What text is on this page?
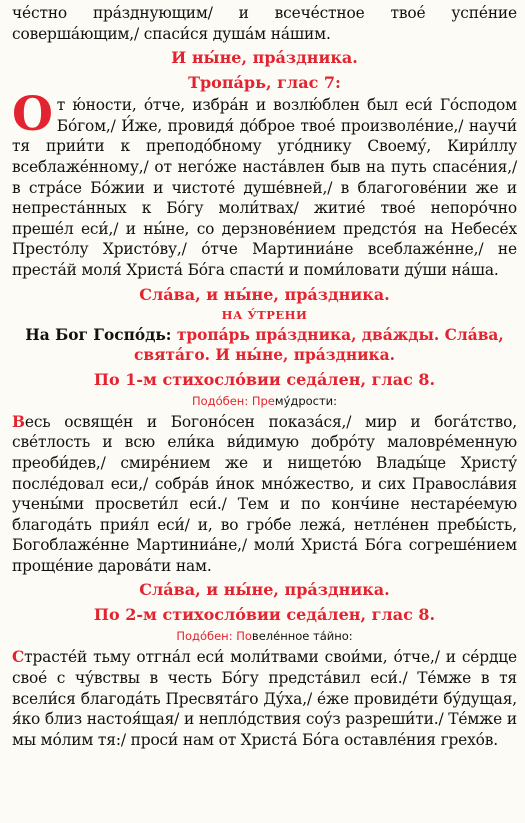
че́стно пра́зднующим/ и всече́стное твое́ успе́ние соверша́ющим,/ спаси́ся душа́м на́шим.

И ны́не, пра́здника.
Тропа́рь, глас 7:

От ю́ности, о́тче, избра́н и возлю́блен был еси́ Го́сподом Бо́гом,/ И́же, провидя́ до́брое твое́ произволе́ние,/ научи́ тя прии́ти к преподо́бному уго́днику Своему́, Кири́ллу всеблаже́нному,/ от него́же наста́влен быв на путь спасе́ния,/ в стра́се Бо́жии и чистоте́ душе́вней,/ в благогове́нии же и непреста́нных к Бо́гу моли́твах/ житие́ твое́ непоро́чно преше́л еси́,/ и ны́не, со дерзнове́нием предсто́я на Небесе́х Престо́лу Христо́ву,/ о́тче Мартиниа́не всеблаже́нне,/ не преста́й моля́ Христа́ Бо́га спасти́ и поми́ловати ду́ши на́ша.

Сла́ва, и ны́не, пра́здника.
НА У́ТРЕНИ
На Бог Госпо́дь: тропа́рь пра́здника, два́жды. Сла́ва, свята́го. И ны́не, пра́здника.
По 1-м стихосло́вии седа́лен, глас 8.
Подо́бен: Прему́дрости:

Весь освяще́н и Богоно́сен показа́ся,/ мир и бога́тство, све́тлость и всю ели́ка ви́димую добро́ту маловре́менную преоби́дев,/ смире́нием же и нището́ю Влады́це Христу́ после́довал еси,/ собра́в и́нок мно́жество, и сих Правосла́вия учены́ми просвети́л еси́./ Тем и по конч́ине нестаре́емую благода́ть прия́л еси́/ и, во гро́бе лежа́, нетле́нен пребы́сть, Богоблаже́нне Мартиниа́не,/ моли́ Христа́ Бо́га согреше́нием проще́ние дарова́ти нам.

Сла́ва, и ны́не, пра́здника.
По 2-м стихосло́вии седа́лен, глас 8.
Подо́бен: Повеле́нное та́йно:

Страсте́й тьму отгна́л еси́ моли́твами свои́ми, о́тче,/ и се́рдце свое́ с чу́вствы в честь Бо́гу предста́вил еси́./ Те́мже в тя всели́ся благода́ть Пресвята́го Ду́ха,/ е́же провиде́ти бу́дущая, я́ко близ настоя́щая/ и непло́дствия соу́з разреши́ти./ Те́мже и мы мо́лим тя:/ проси́ нам от Христа́ Бо́га оставле́ния грехо́в.
